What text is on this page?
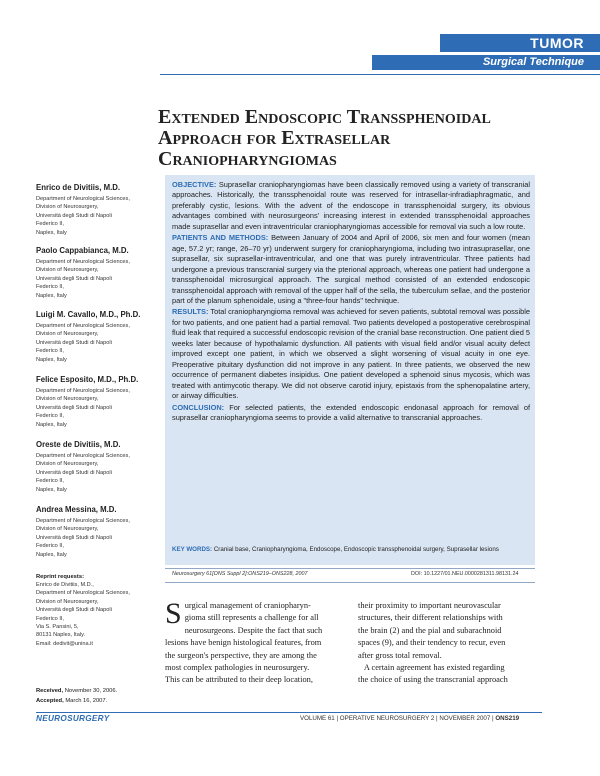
TUMOR
Surgical Technique
Extended Endoscopic Transsphenoidal
Approach for Extrasellar
Craniopharyngiomas
Enrico de Divitiis, M.D.
Department of Neurological Sciences,
Division of Neurosurgery,
Università degli Studi di Napoli
Federico II,
Naples, Italy
Paolo Cappabianca, M.D.
Department of Neurological Sciences,
Division of Neurosurgery,
Università degli Studi di Napoli
Federico II,
Naples, Italy
Luigi M. Cavallo, M.D., Ph.D.
Department of Neurological Sciences,
Division of Neurosurgery,
Università degli Studi di Napoli
Federico II,
Naples, Italy
Felice Esposito, M.D., Ph.D.
Department of Neurological Sciences,
Division of Neurosurgery,
Università degli Studi di Napoli
Federico II,
Naples, Italy
Oreste de Divitiis, M.D.
Department of Neurological Sciences,
Division of Neurosurgery,
Università degli Studi di Napoli
Federico II,
Naples, Italy
Andrea Messina, M.D.
Department of Neurological Sciences,
Division of Neurosurgery,
Università degli Studi di Napoli
Federico II,
Naples, Italy
Reprint requests:
Enrico de Divitiis, M.D.,
Department of Neurological Sciences,
Division of Neurosurgery,
Università degli Studi di Napoli
Federico II,
Via S. Pansini, 5,
80131 Naples, Italy.
Email: dedivit@unina.it
Received, November 30, 2006.
Accepted, March 16, 2007.

OBJECTIVE: Suprasellar craniopharyngiomas have been classically removed using a variety of transcranial approaches. Historically, the transsphenoidal route was reserved for intrasellar-infradiaphragmatic, and preferably cystic, lesions. With the advent of the endoscope in transsphenoidal surgery, its obvious advantages combined with neurosurgeons' increasing interest in extended transsphenoidal approaches made suprasellar and even intraventricular craniopharyngiomas accessible for removal via such a low route.

PATIENTS AND METHODS: Between January of 2004 and April of 2006, six men and four women (mean age, 57.2 yr; range, 26–70 yr) underwent surgery for craniopharyngioma, including two intrasuprasellar, one suprasellar, six suprasellar-intraventricular, and one that was purely intraventricular. Three patients had undergone a previous transcranial surgery via the pterional approach, whereas one patient had undergone a transsphenoidal microsurgical approach. The surgical method consisted of an extended endoscopic transsphenoidal approach with removal of the upper half of the sella, the tuberculum sellae, and the posterior part of the planum sphenoidale, using a "three-four hands" technique.

RESULTS: Total craniopharyngioma removal was achieved for seven patients, subtotal removal was possible for two patients, and one patient had a partial removal. Two patients developed a postoperative cerebrospinal fluid leak that required a successful endoscopic revision of the cranial base reconstruction. One patient died 5 weeks later because of hypothalamic dysfunction. All patients with visual field and/or visual acuity defect improved except one patient, in which we observed a slight worsening of visual acuity in one eye. Preoperative pituitary dysfunction did not improve in any patient. In three patients, we observed the new occurrence of permanent diabetes insipidus. One patient developed a sphenoid sinus mycosis, which was treated with antimycotic therapy. We did not observe carotid injury, epistaxis from the sphenopalatine artery, or airway difficulties.

CONCLUSION: For selected patients, the extended endoscopic endonasal approach for removal of suprasellar craniopharyngioma seems to provide a valid alternative to transcranial approaches.

KEY WORDS: Cranial base, Craniopharyngioma, Endoscope, Endoscopic transsphenoidal surgery, Suprasellar lesions
Neurosurgery 61[ONS Suppl 2]:ONS219–ONS228, 2007	DOI: 10.1227/01.NEU.0000281311.98131.24
S urgical management of craniopharyn-
gioma still represents a challenge for all
neurosurgeons. Despite the fact that such
lesions have benign histological features, from
the surgeon's perspective, they are among the
most complex pathologies in neurosurgery.
This can be attributed to their deep location,
their proximity to important neurovascular
structures, their different relationships with
the brain (2) and the pial and subarachnoid
spaces (9), and their tendency to recur, even
after gross total removal.
A certain agreement has existed regarding
the choice of using the transcranial approach
NEUROSURGERY	VOLUME 61 | OPERATIVE NEUROSURGERY 2 | NOVEMBER 2007 | ONS219
